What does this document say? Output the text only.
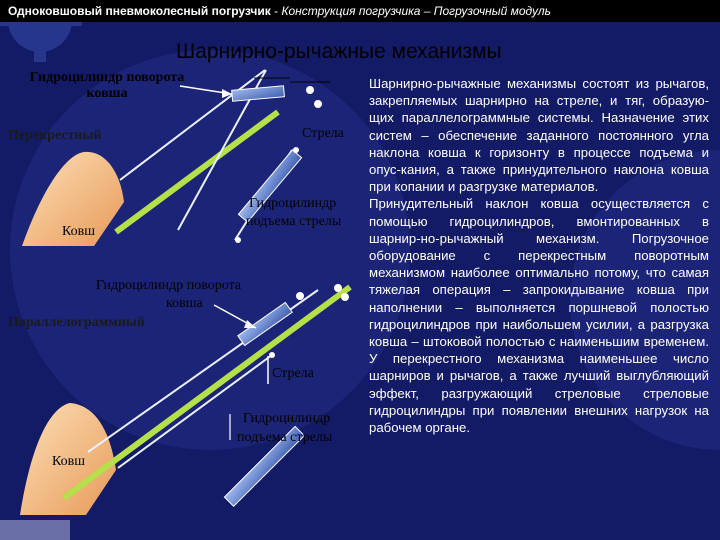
Одноковшовый пневмоколесный погрузчик - Конструкция погрузчика – Погрузочный модуль
Шарнирно-рычажные механизмы
Гидроцилиндр поворота ковша
Перекрестный	Стрела
Гидроцилиндр
подъема стрелы
Ковш
Гидроцилиндр поворота
ковша
Параллелограммный
Стрела
Гидроцилиндр
подъема стрелы
Ковш

Шарнирно-рычажные механизмы состоят из рычагов, закрепляемых шарнирно на стреле, и тяг, образую-щих параллелограммные системы. Назначение этих систем – обеспечение заданного постоянного угла наклона ковша к горизонту в процессе подъема и опус-кания, а также принудительного наклона ковша при копании и разгрузке материалов.

Принудительный наклон ковша осуществляется с помощью гидроцилиндров, вмонтированных в шарнир-но-рычажный механизм. Погрузочное оборудование с перекрестным поворотным механизмом наиболее оптимально потому, что самая тяжелая операция – запрокидывание ковша при наполнении – выполняется поршневой полостью гидроцилиндров при наибольшем усилии, а разгрузка ковша – штоковой полостью с наименьшим временем. У перекрестного механизма наименьшее число шарниров и рычагов, а также лучший выглубляющий эффект, разгружающий стреловые стреловые гидроцилиндры при появлении внешних нагрузок на рабочем органе.
